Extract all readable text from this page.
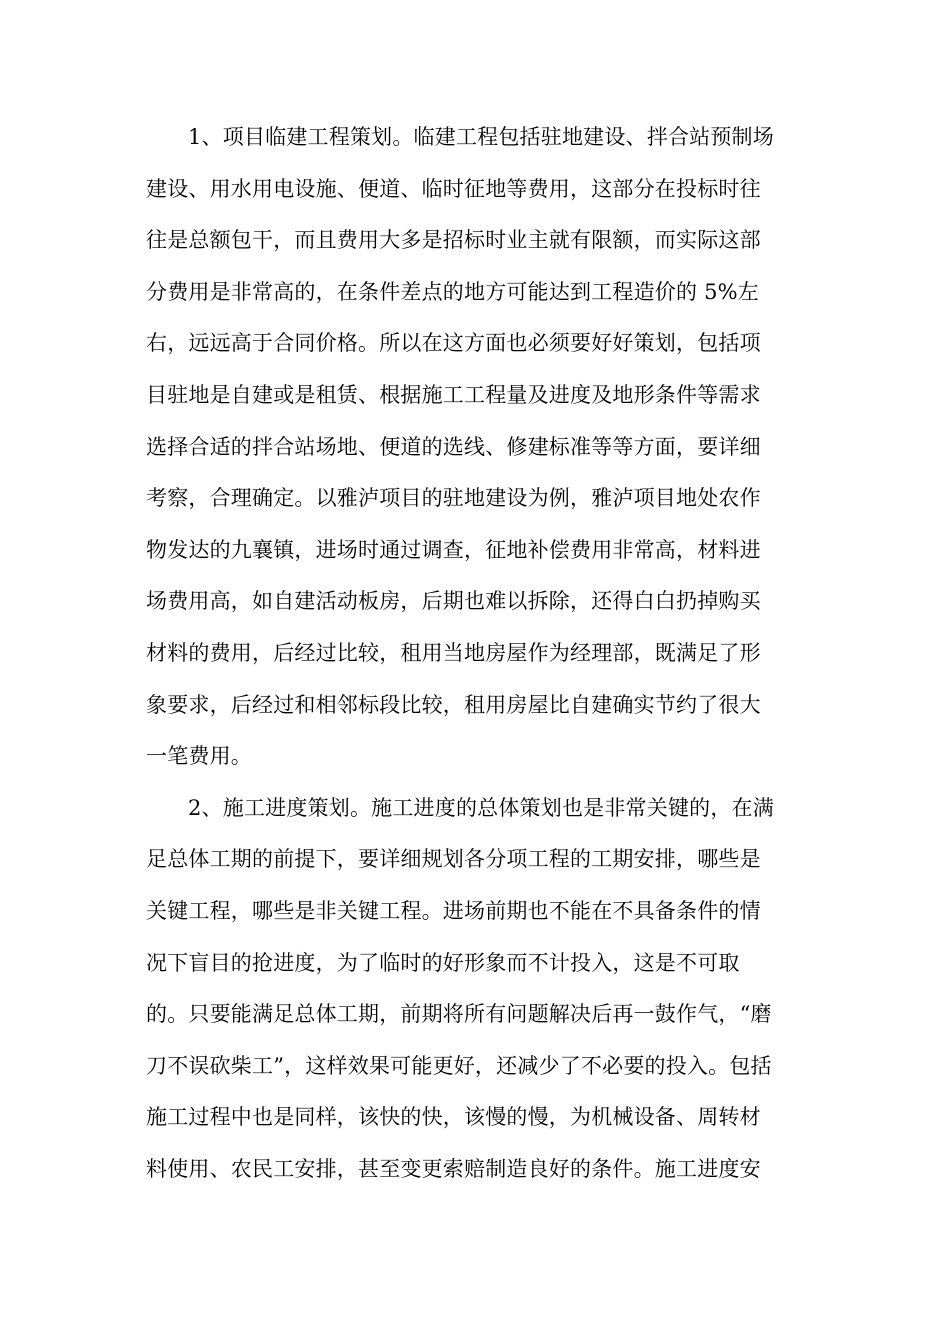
1、项目临建工程策划。临建工程包括驻地建设、拌合站预制场
建设、用水用电设施、便道、临时征地等费用，这部分在投标时往
往是总额包干，而且费用大多是招标时业主就有限额，而实际这部
分费用是非常高的，在条件差点的地方可能达到工程造价的 5%左
右，远远高于合同价格。所以在这方面也必须要好好策划，包括项
目驻地是自建或是租赁、根据施工工程量及进度及地形条件等需求
选择合适的拌合站场地、便道的选线、修建标准等等方面，要详细
考察，合理确定。以雅泸项目的驻地建设为例，雅泸项目地处农作
物发达的九襄镇，进场时通过调查，征地补偿费用非常高，材料进
场费用高，如自建活动板房，后期也难以拆除，还得白白扔掉购买
材料的费用，后经过比较，租用当地房屋作为经理部，既满足了形
象要求，后经过和相邻标段比较，租用房屋比自建确实节约了很大
一笔费用。
2、施工进度策划。施工进度的总体策划也是非常关键的，在满
足总体工期的前提下，要详细规划各分项工程的工期安排，哪些是
关键工程，哪些是非关键工程。进场前期也不能在不具备条件的情
况下盲目的抢进度，为了临时的好形象而不计投入，这是不可取
的。只要能满足总体工期，前期将所有问题解决后再一鼓作气，“磨
刀不误砍柴工”，这样效果可能更好，还减少了不必要的投入。包括
施工过程中也是同样，该快的快，该慢的慢，为机械设备、周转材
料使用、农民工安排，甚至变更索赔制造良好的条件。施工进度安
